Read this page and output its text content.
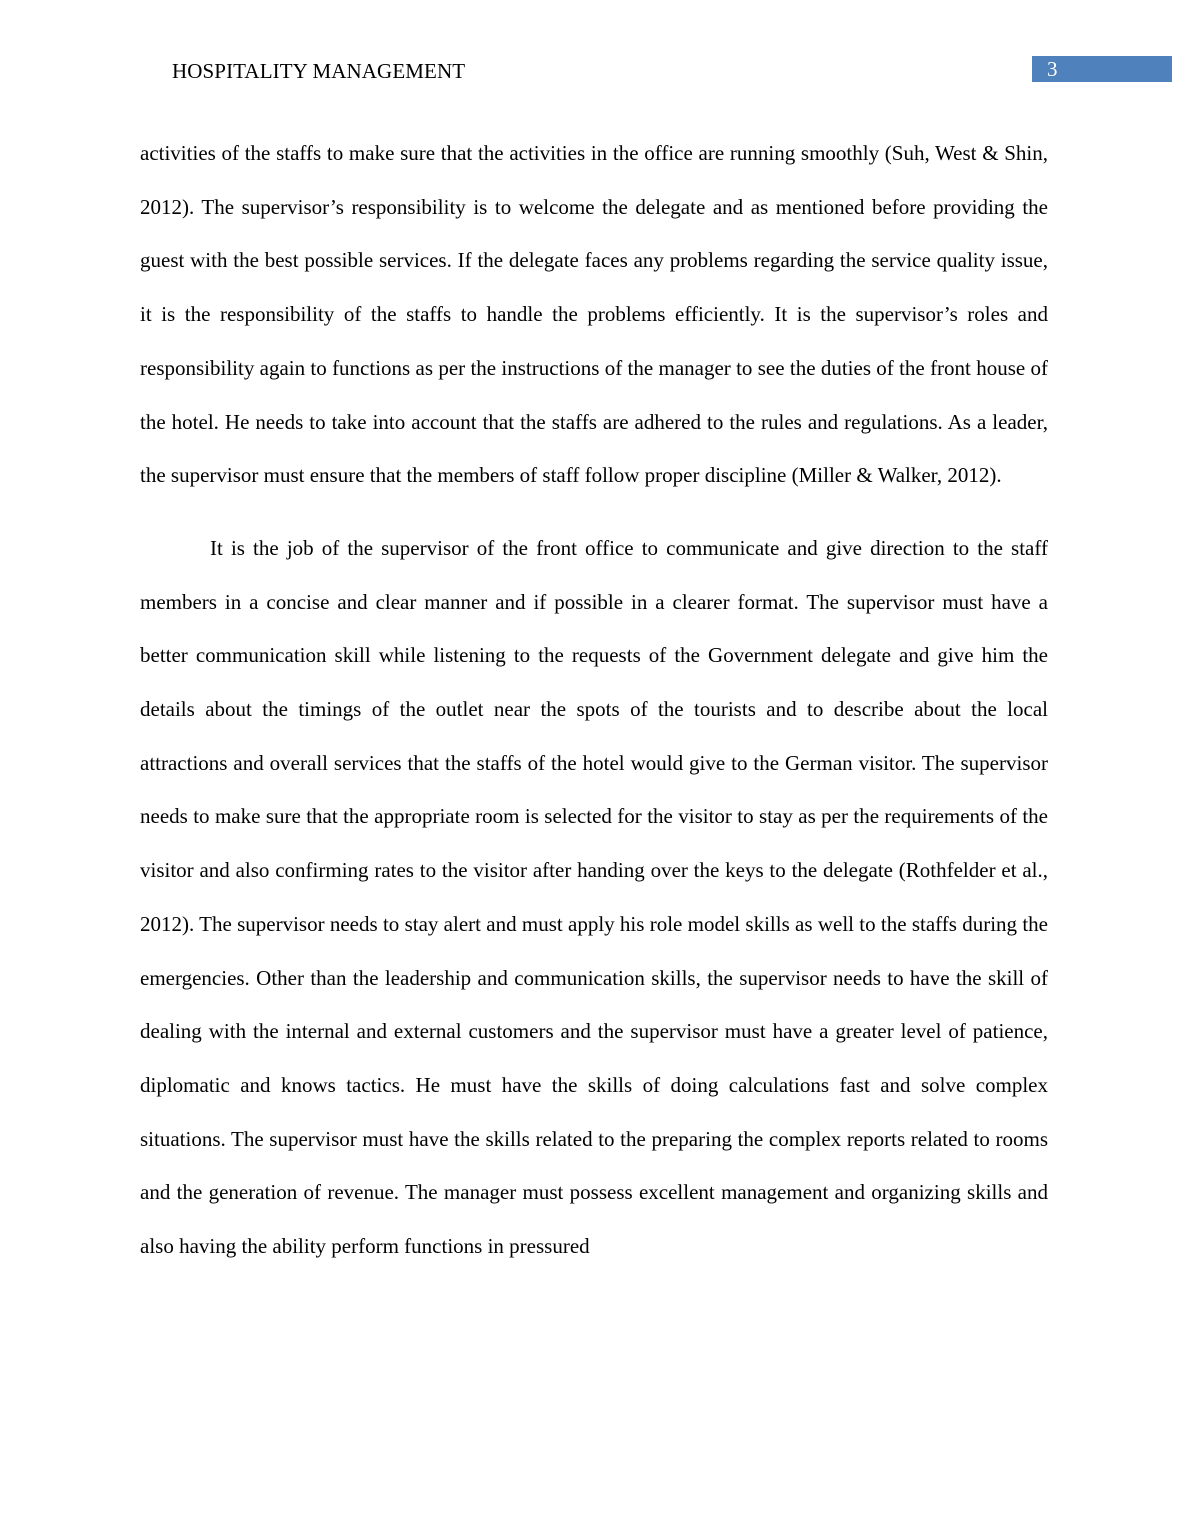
HOSPITALITY MANAGEMENT	3

activities of the staffs to make sure that the activities in the office are running smoothly (Suh, West & Shin, 2012). The supervisor’s responsibility is to welcome the delegate and as mentioned before providing the guest with the best possible services. If the delegate faces any problems regarding the service quality issue, it is the responsibility of the staffs to handle the problems efficiently. It is the supervisor’s roles and responsibility again to functions as per the instructions of the manager to see the duties of the front house of the hotel. He needs to take into account that the staffs are adhered to the rules and regulations. As a leader, the supervisor must ensure that the members of staff follow proper discipline (Miller & Walker, 2012).

It is the job of the supervisor of the front office to communicate and give direction to the staff members in a concise and clear manner and if possible in a clearer format. The supervisor must have a better communication skill while listening to the requests of the Government delegate and give him the details about the timings of the outlet near the spots of the tourists and to describe about the local attractions and overall services that the staffs of the hotel would give to the German visitor. The supervisor needs to make sure that the appropriate room is selected for the visitor to stay as per the requirements of the visitor and also confirming rates to the visitor after handing over the keys to the delegate (Rothfelder et al., 2012). The supervisor needs to stay alert and must apply his role model skills as well to the staffs during the emergencies. Other than the leadership and communication skills, the supervisor needs to have the skill of dealing with the internal and external customers and the supervisor must have a greater level of patience, diplomatic and knows tactics. He must have the skills of doing calculations fast and solve complex situations. The supervisor must have the skills related to the preparing the complex reports related to rooms and the generation of revenue. The manager must possess excellent management and organizing skills and also having the ability perform functions in pressured
